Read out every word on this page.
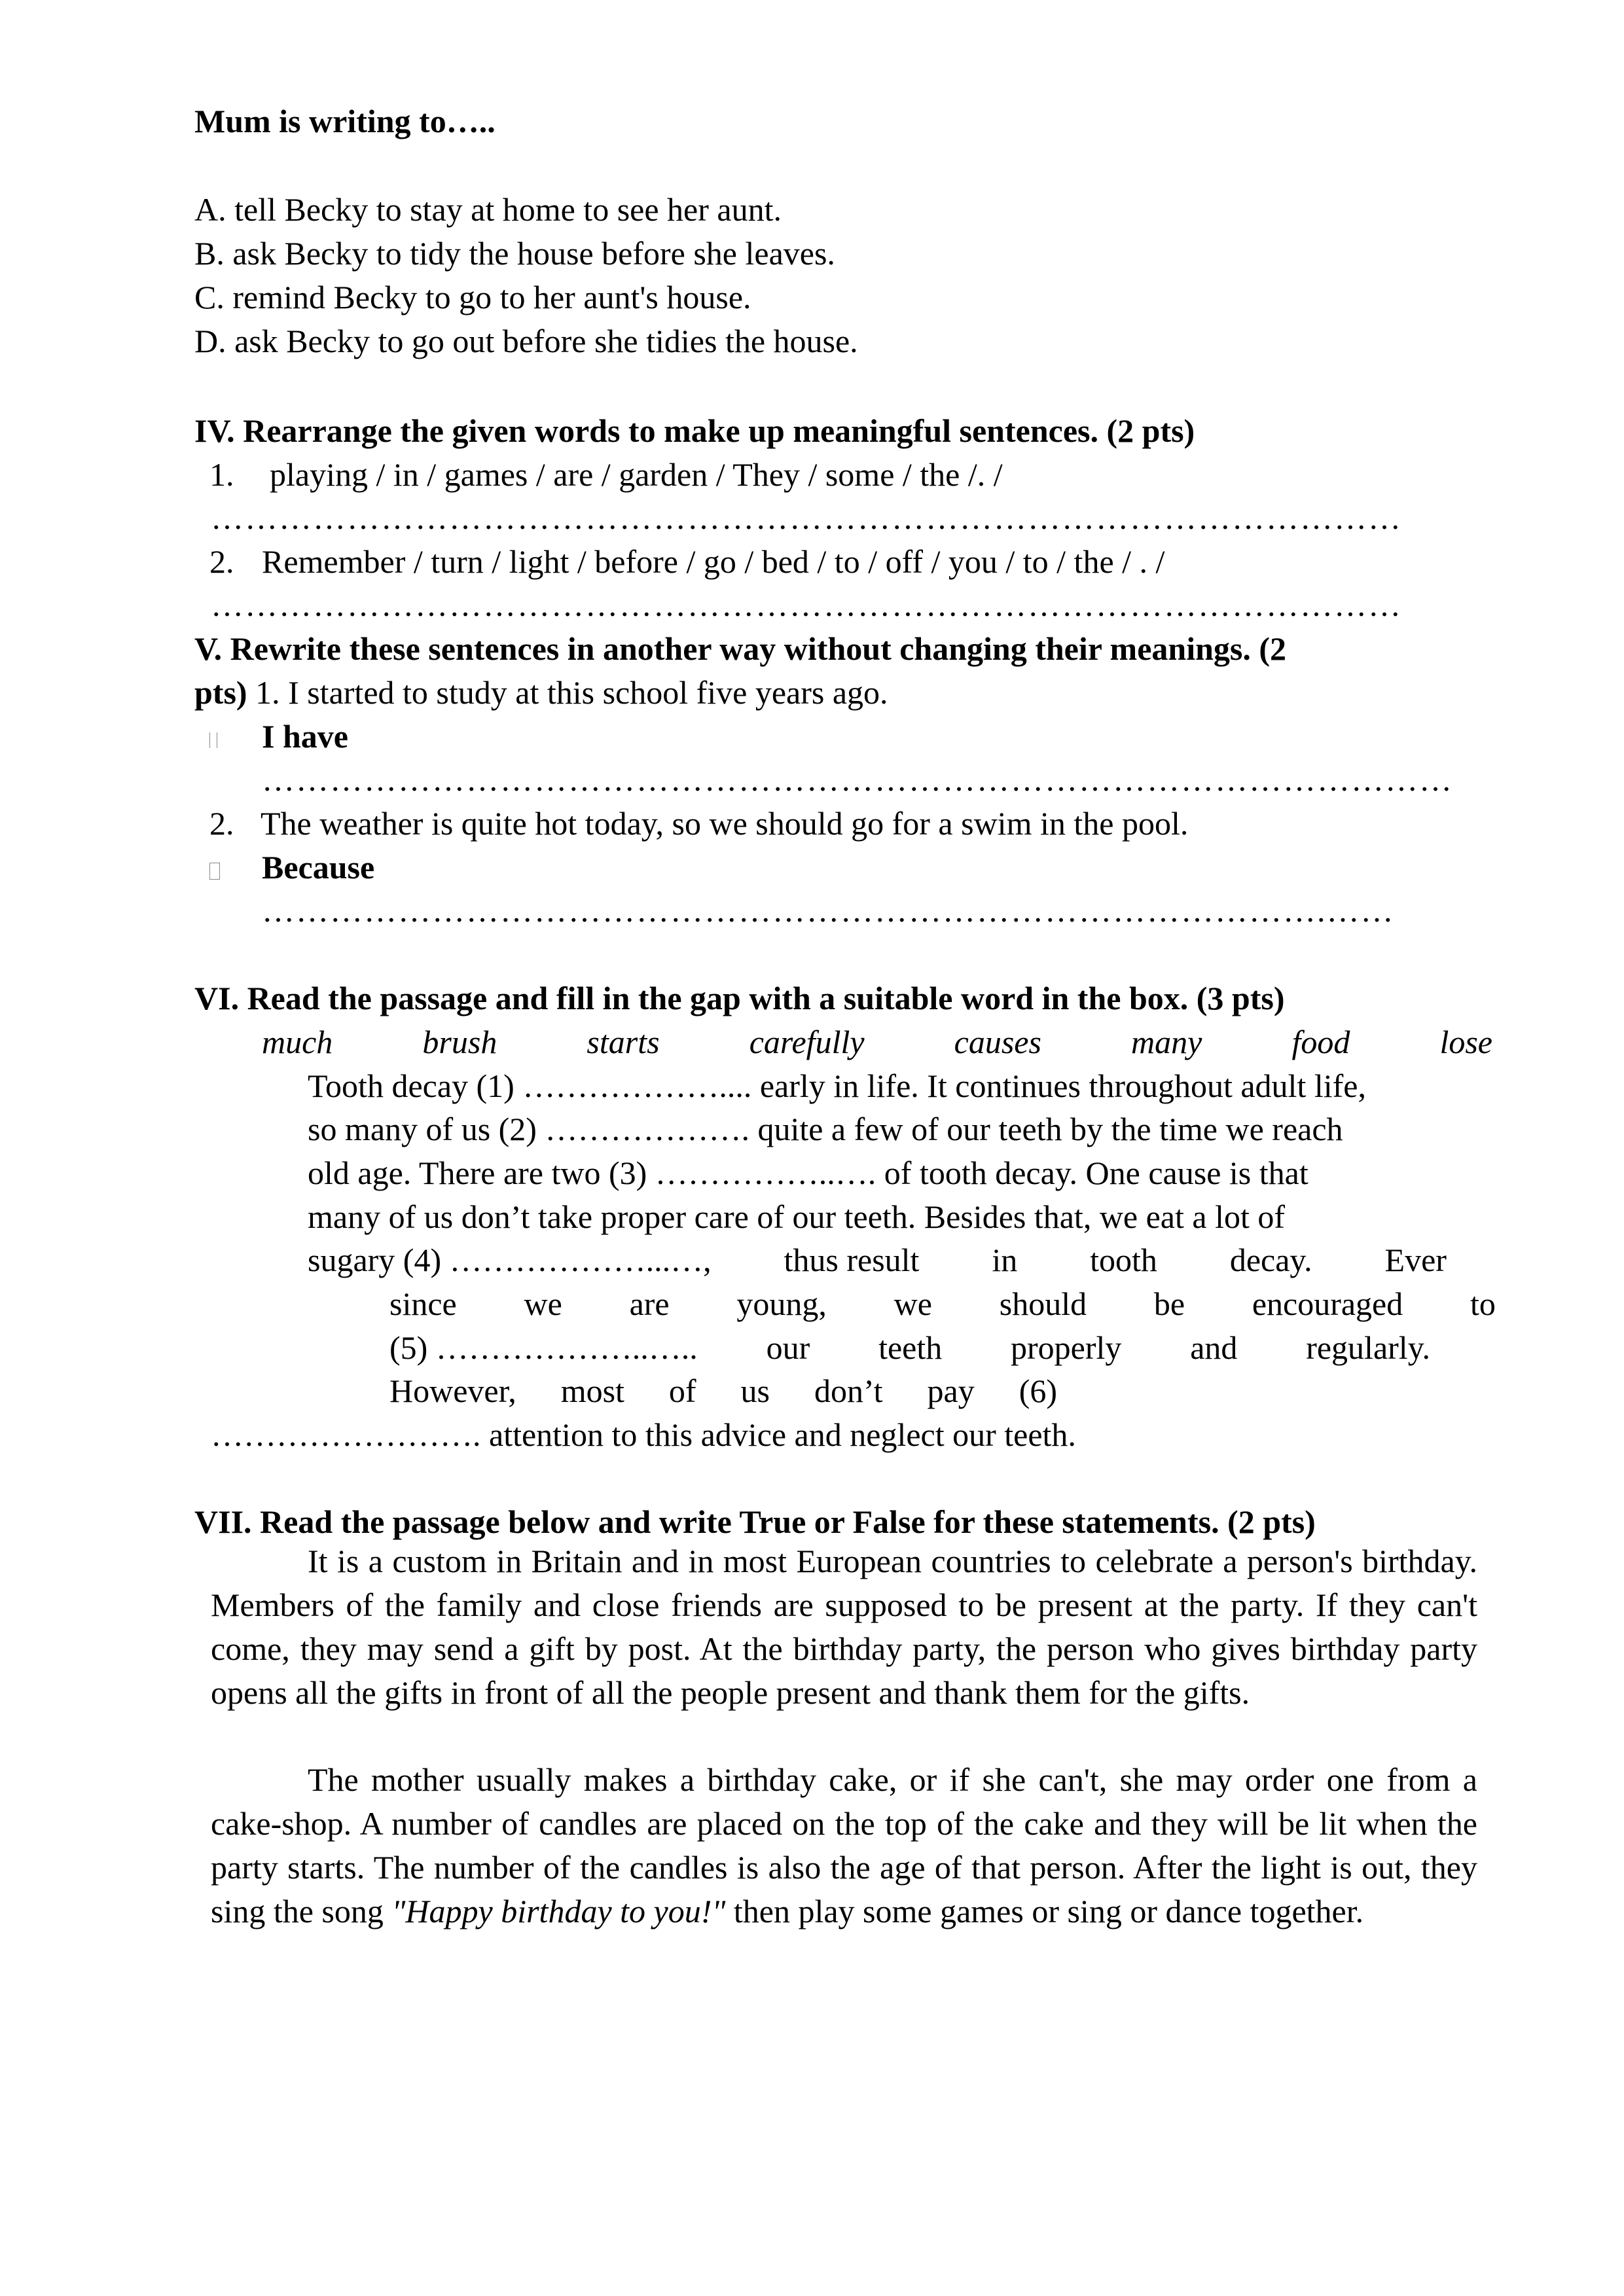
Mum is writing to…..
A. tell Becky to stay at home to see her aunt.
B. ask Becky to tidy the house before she leaves.
C. remind Becky to go to her aunt's house.
D. ask Becky to go out before she tidies the house.
IV. Rearrange the given words to make up meaningful sentences. (2 pts)
1. playing / in / games / are / garden / They / some / the /. /
……………………………………………………………………………………………
2. Remember / turn / light / before / go / bed / to / off / you / to / the / . /
……………………………………………………………………………………………
V. Rewrite these sentences in another way without changing their meanings. (2
pts) 1. I started to study at this school five years ago.
I have
……………………………………………………………………………………………
2. The weather is quite hot today, so we should go for a swim in the pool.
Because
………………………………………………………………………………….……
VI. Read the passage and fill in the gap with a suitable word in the box. (3 pts)
much	brush	starts	carefully	causes	many	food	lose
Tooth decay (1) ……………….... early in life. It continues throughout adult life,
so many of us (2) ………………. quite a few of our teeth by the time we reach
old age. There are two (3) ……………..…. of tooth decay. One cause is that
many of us don’t take proper care of our teeth. Besides that, we eat a lot of
sugary (4) ………………...…, thus result in tooth decay. Ever
since we are young, we should be encouraged to
(5) ………………..….. our teeth properly and regularly.
However, most of us don’t pay (6)
……………………. attention to this advice and neglect our teeth.
VII. Read the passage below and write True or False for these statements. (2 pts)
It is a custom in Britain and in most European countries to celebrate a person's birthday. Members of the family and close friends are supposed to be present at the party. If they can't come, they may send a gift by post. At the birthday party, the person who gives birthday party opens all the gifts in front of all the people present and thank them for the gifts.
The mother usually makes a birthday cake, or if she can't, she may order one from a cake-shop. A number of candles are placed on the top of the cake and they will be lit when the party starts. The number of the candles is also the age of that person. After the light is out, they sing the song "Happy birthday to you!" then play some games or sing or dance together.
